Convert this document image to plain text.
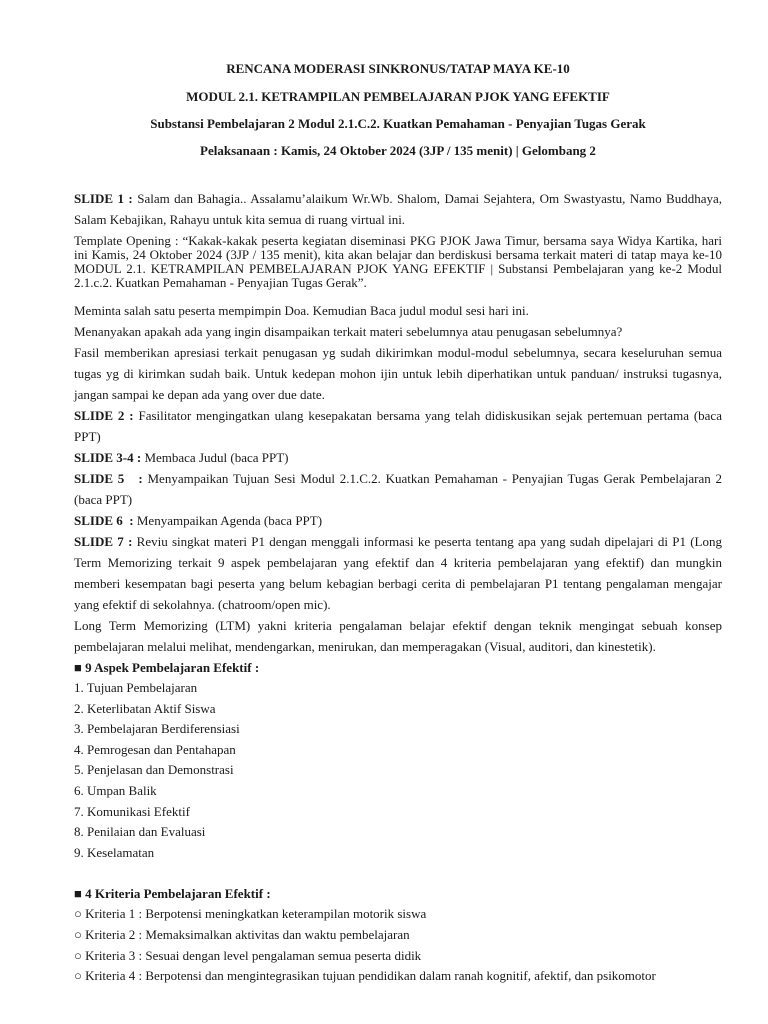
RENCANA MODERASI SINKRONUS/TATAP MAYA KE-10
MODUL 2.1. KETRAMPILAN PEMBELAJARAN PJOK YANG EFEKTIF
Substansi Pembelajaran 2 Modul 2.1.C.2. Kuatkan Pemahaman - Penyajian Tugas Gerak
Pelaksanaan : Kamis, 24 Oktober 2024 (3JP / 135 menit) | Gelombang 2

SLIDE 1 : Salam dan Bahagia.. Assalamu’alaikum Wr.Wb. Shalom, Damai Sejahtera, Om Swastyastu, Namo Buddhaya, Salam Kebajikan, Rahayu untuk kita semua di ruang virtual ini.

Template Opening : “Kakak-kakak peserta kegiatan diseminasi PKG PJOK Jawa Timur, bersama saya Widya Kartika, hari ini Kamis, 24 Oktober 2024 (3JP / 135 menit), kita akan belajar dan berdiskusi bersama terkait materi di tatap maya ke-10 MODUL 2.1. KETRAMPILAN PEMBELAJARAN PJOK YANG EFEKTIF | Substansi Pembelajaran yang ke-2 Modul 2.1.c.2. Kuatkan Pemahaman - Penyajian Tugas Gerak”.

Meminta salah satu peserta mempimpin Doa. Kemudian Baca judul modul sesi hari ini.

Menanyakan apakah ada yang ingin disampaikan terkait materi sebelumnya atau penugasan sebelumnya?

Fasil memberikan apresiasi terkait penugasan yg sudah dikirimkan modul-modul sebelumnya, secara keseluruhan semua tugas yg di kirimkan sudah baik. Untuk kedepan mohon ijin untuk lebih diperhatikan untuk panduan/ instruksi tugasnya, jangan sampai ke depan ada yang over due date.

SLIDE 2 : Fasilitator mengingatkan ulang kesepakatan bersama yang telah didiskusikan sejak pertemuan pertama (baca PPT)

SLIDE 3-4 : Membaca Judul (baca PPT)

SLIDE 5   : Menyampaikan Tujuan Sesi Modul 2.1.C.2. Kuatkan Pemahaman - Penyajian Tugas Gerak Pembelajaran 2 (baca PPT)

SLIDE 6  : Menyampaikan Agenda (baca PPT)

SLIDE 7 : Reviu singkat materi P1 dengan menggali informasi ke peserta tentang apa yang sudah dipelajari di P1 (Long Term Memorizing terkait 9 aspek pembelajaran yang efektif dan 4 kriteria pembelajaran yang efektif) dan mungkin memberi kesempatan bagi peserta yang belum kebagian berbagi cerita di pembelajaran P1 tentang pengalaman mengajar yang efektif di sekolahnya. (chatroom/open mic).

Long Term Memorizing (LTM) yakni kriteria pengalaman belajar efektif dengan teknik mengingat sebuah konsep pembelajaran melalui melihat, mendengarkan, menirukan, dan memperagakan (Visual, auditori, dan kinestetik).

■ 9 Aspek Pembelajaran Efektif :

1. Tujuan Pembelajaran
2. Keterlibatan Aktif Siswa
3. Pembelajaran Berdiferensiasi
4. Pemrogesan dan Pentahapan
5. Penjelasan dan Demonstrasi
6. Umpan Balik
7. Komunikasi Efektif
8. Penilaian dan Evaluasi
9. Keselamatan

■ 4 Kriteria Pembelajaran Efektif :

○ Kriteria 1 : Berpotensi meningkatkan keterampilan motorik siswa
○ Kriteria 2 : Memaksimalkan aktivitas dan waktu pembelajaran
○ Kriteria 3 : Sesuai dengan level pengalaman semua peserta didik
○ Kriteria 4 : Berpotensi dan mengintegrasikan tujuan pendidikan dalam ranah kognitif, afektif, dan psikomotor
